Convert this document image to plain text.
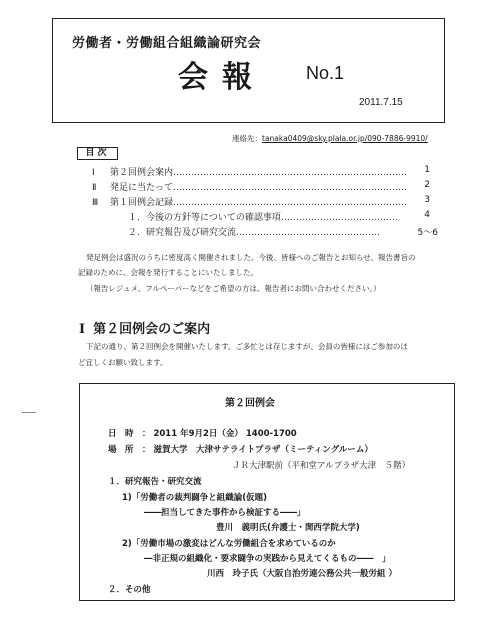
労働者・労働組合組織論研究会
会報 No.1
2011.7.15
連絡先：tanaka0409@sky.plala.or.jp/090-7886-9910/
目次
Ⅰ 第２回例会案内……………………………………………………………………	1
Ⅱ 発足に当たって……………………………………………………………………	2
Ⅲ 第１回例会記録……………………………………………………………………	3
１．今後の方針等についての確認事項…………………………………	4
２．研究報告及び研究交流…………………………………………	5～6
発足例会は盛況のうちに密度高く開催されました。今後、皆様へのご報告とお知らせ、報告書旨の
記録のために、会報を発行することにいたしました。
（報告レジュメ、フルペーパーなどをご希望の方は、報告者にお問い合わせください。）
Ⅰ 第２回例会のご案内
下記の通り、第２回例会を開催いたします。ご多忙とは存じますが、会員の皆様にはご参加のほ
ど宜しくお願い致します。
第２回例会
日　時 ： 2011 年9月2日（金） 1400-1700
場　所 ： 滋賀大学　大津サテライトプラザ（ミーティングルーム）
ＪＲ大津駅前（平和堂アルプラザ大津　５階）
１．研究報告・研究交流
1)「労働者の裁判闘争と組織論(仮題)
――担当してきた事件から検証する――」
豊川　義明氏(弁護士・関西学院大学)
2)「労働市場の激変はどんな労働組合を求めているのか
―非正規の組織化・要求闘争の実践から見えてくるもの――　」
川西　玲子氏（大阪自治労連公務公共一般労組 ）
２．その他
